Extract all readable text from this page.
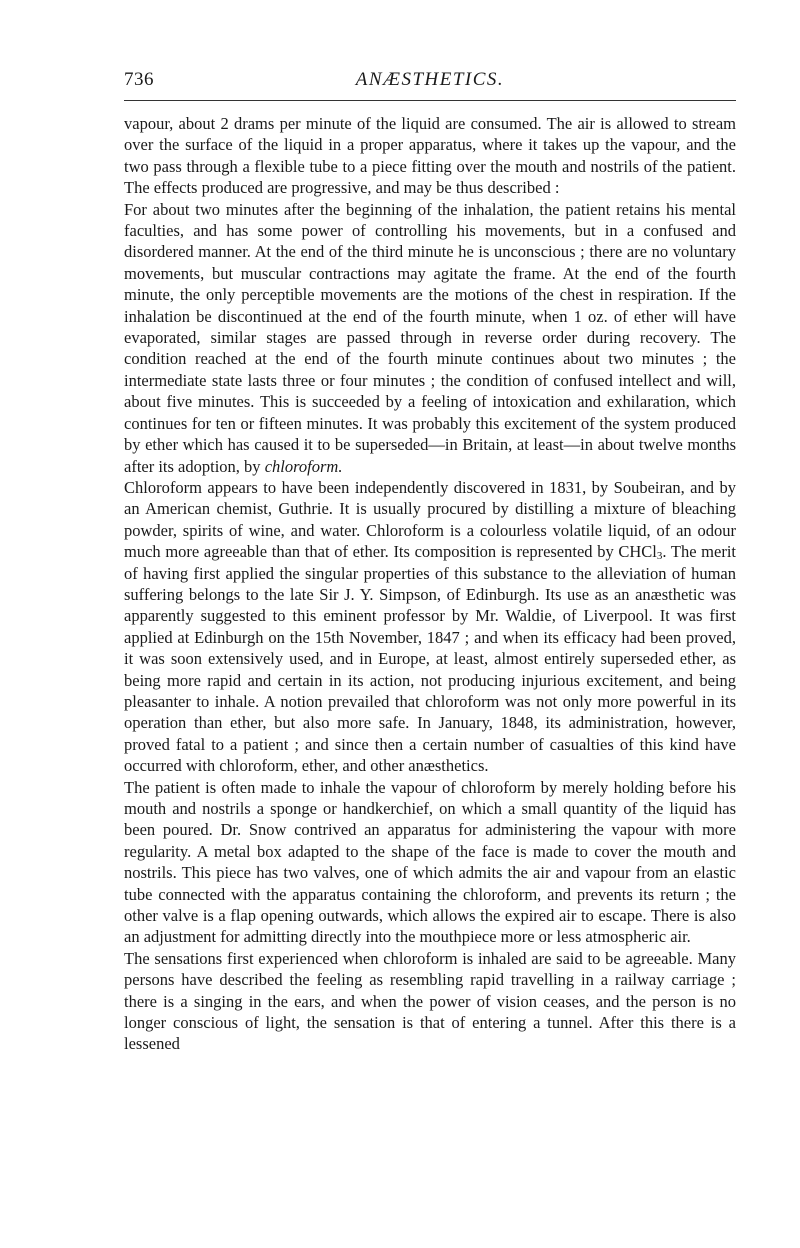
736	ANÆSTHETICS.

vapour, about 2 drams per minute of the liquid are consumed. The air is allowed to stream over the surface of the liquid in a proper apparatus, where it takes up the vapour, and the two pass through a flexible tube to a piece fitting over the mouth and nostrils of the patient. The effects produced are progressive, and may be thus described :

For about two minutes after the beginning of the inhalation, the patient retains his mental faculties, and has some power of controlling his movements, but in a confused and disordered manner. At the end of the third minute he is unconscious ; there are no voluntary movements, but muscular contractions may agitate the frame. At the end of the fourth minute, the only perceptible movements are the motions of the chest in respiration. If the inhalation be discontinued at the end of the fourth minute, when 1 oz. of ether will have evaporated, similar stages are passed through in reverse order during recovery. The condition reached at the end of the fourth minute continues about two minutes ; the intermediate state lasts three or four minutes ; the condition of confused intellect and will, about five minutes. This is succeeded by a feeling of intoxication and exhilaration, which continues for ten or fifteen minutes. It was probably this excitement of the system produced by ether which has caused it to be superseded—in Britain, at least—in about twelve months after its adoption, by chloroform.

Chloroform appears to have been independently discovered in 1831, by Soubeiran, and by an American chemist, Guthrie. It is usually procured by distilling a mixture of bleaching powder, spirits of wine, and water. Chloroform is a colourless volatile liquid, of an odour much more agreeable than that of ether. Its composition is represented by CHCl$_3$. The merit of having first applied the singular properties of this substance to the alleviation of human suffering belongs to the late Sir J. Y. Simpson, of Edinburgh. Its use as an anæsthetic was apparently suggested to this eminent professor by Mr. Waldie, of Liverpool. It was first applied at Edinburgh on the 15th November, 1847 ; and when its efficacy had been proved, it was soon extensively used, and in Europe, at least, almost entirely superseded ether, as being more rapid and certain in its action, not producing injurious excitement, and being pleasanter to inhale. A notion prevailed that chloroform was not only more powerful in its operation than ether, but also more safe. In January, 1848, its administration, however, proved fatal to a patient ; and since then a certain number of casualties of this kind have occurred with chloroform, ether, and other anæsthetics.

The patient is often made to inhale the vapour of chloroform by merely holding before his mouth and nostrils a sponge or handkerchief, on which a small quantity of the liquid has been poured. Dr. Snow contrived an apparatus for administering the vapour with more regularity. A metal box adapted to the shape of the face is made to cover the mouth and nostrils. This piece has two valves, one of which admits the air and vapour from an elastic tube connected with the apparatus containing the chloroform, and prevents its return ; the other valve is a flap opening outwards, which allows the expired air to escape. There is also an adjustment for admitting directly into the mouthpiece more or less atmospheric air.

The sensations first experienced when chloroform is inhaled are said to be agreeable. Many persons have described the feeling as resembling rapid travelling in a railway carriage ; there is a singing in the ears, and when the power of vision ceases, and the person is no longer conscious of light, the sensation is that of entering a tunnel. After this there is a lessened
